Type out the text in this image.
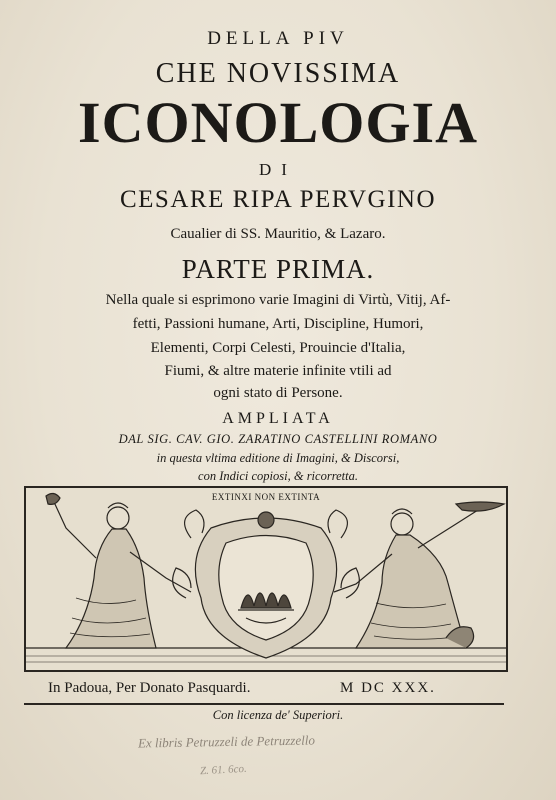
DELLA PIV
CHE NOVISSIMA
ICONOLOGIA
DI
CESARE RIPA PERVGINO
Caualier di SS. Mauritio, & Lazaro.
PARTE PRIMA.
Nella quale si esprimono varie Imagini di Virtù, Vitij, Af-
fetti, Passioni humane, Arti, Discipline, Humori,
Elementi, Corpi Celesti, Prouincie d'Italia,
Fiumi, & altre materie infinite vtili ad
ogni stato di Persone.
AMPLIATA
DAL SIG. CAV. GIO. ZARATINO CASTELLINI ROMANO
in questa vltima editione di Imagini, & Discorsi,
con Indici copiosi, & ricorretta.
EXTINXI NON EXTINTA
In Padoua, Per Donato Pasquardi.	M DC XXX.
Con licenza de' Superiori.
Ex libris Petruzzeli de Petruzzello
Z. 61. 6co.
